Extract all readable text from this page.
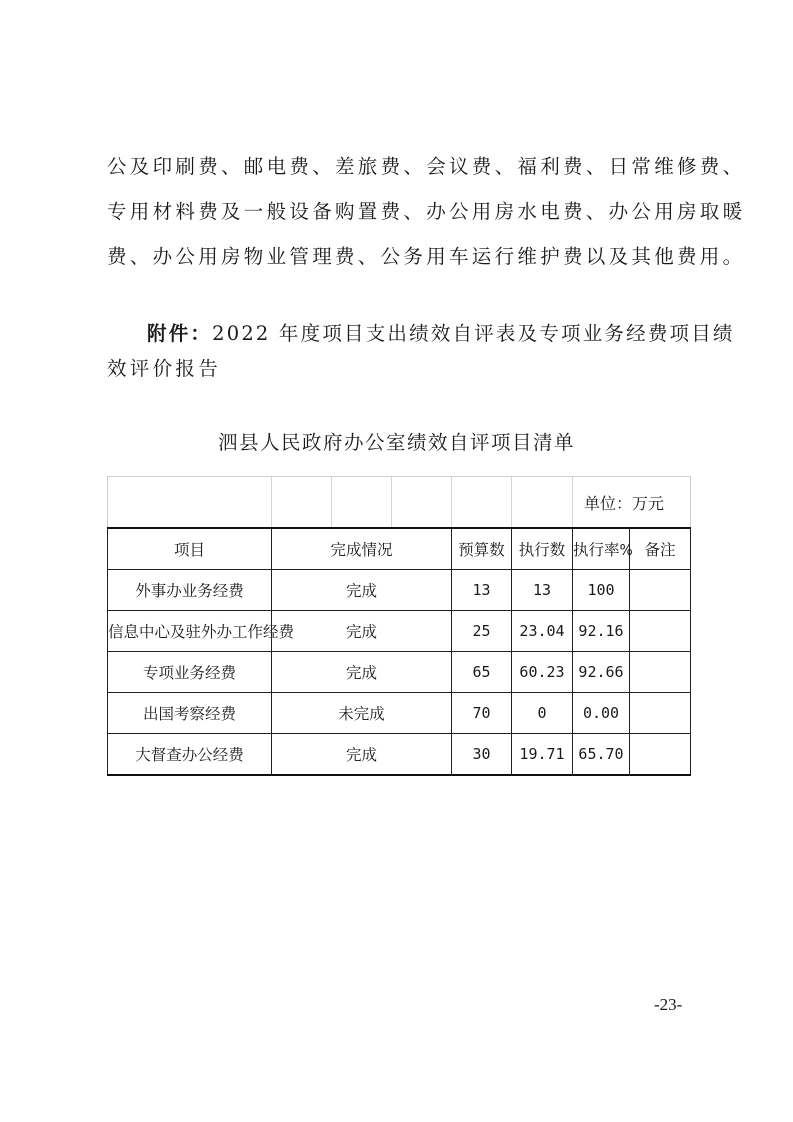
公及印刷费、邮电费、差旅费、会议费、福利费、日常维修费、
专用材料费及一般设备购置费、办公用房水电费、办公用房取暖
费、办公用房物业管理费、公务用车运行维护费以及其他费用。
附件：2022 年度项目支出绩效自评表及专项业务经费项目绩
效评价报告
泗县人民政府办公室绩效自评项目清单
						单位：万元	
项目	完成情况			预算数	执行数	执行率%	备注
外事办业务经费	完成			13	13	100	
信息中心及驻外办工作经费	完成			25	23.04	92.16	
专项业务经费	完成			65	60.23	92.66	
出国考察经费	未完成			70	0	0.00	
大督查办公经费	完成			30	19.71	65.70	
-23-
